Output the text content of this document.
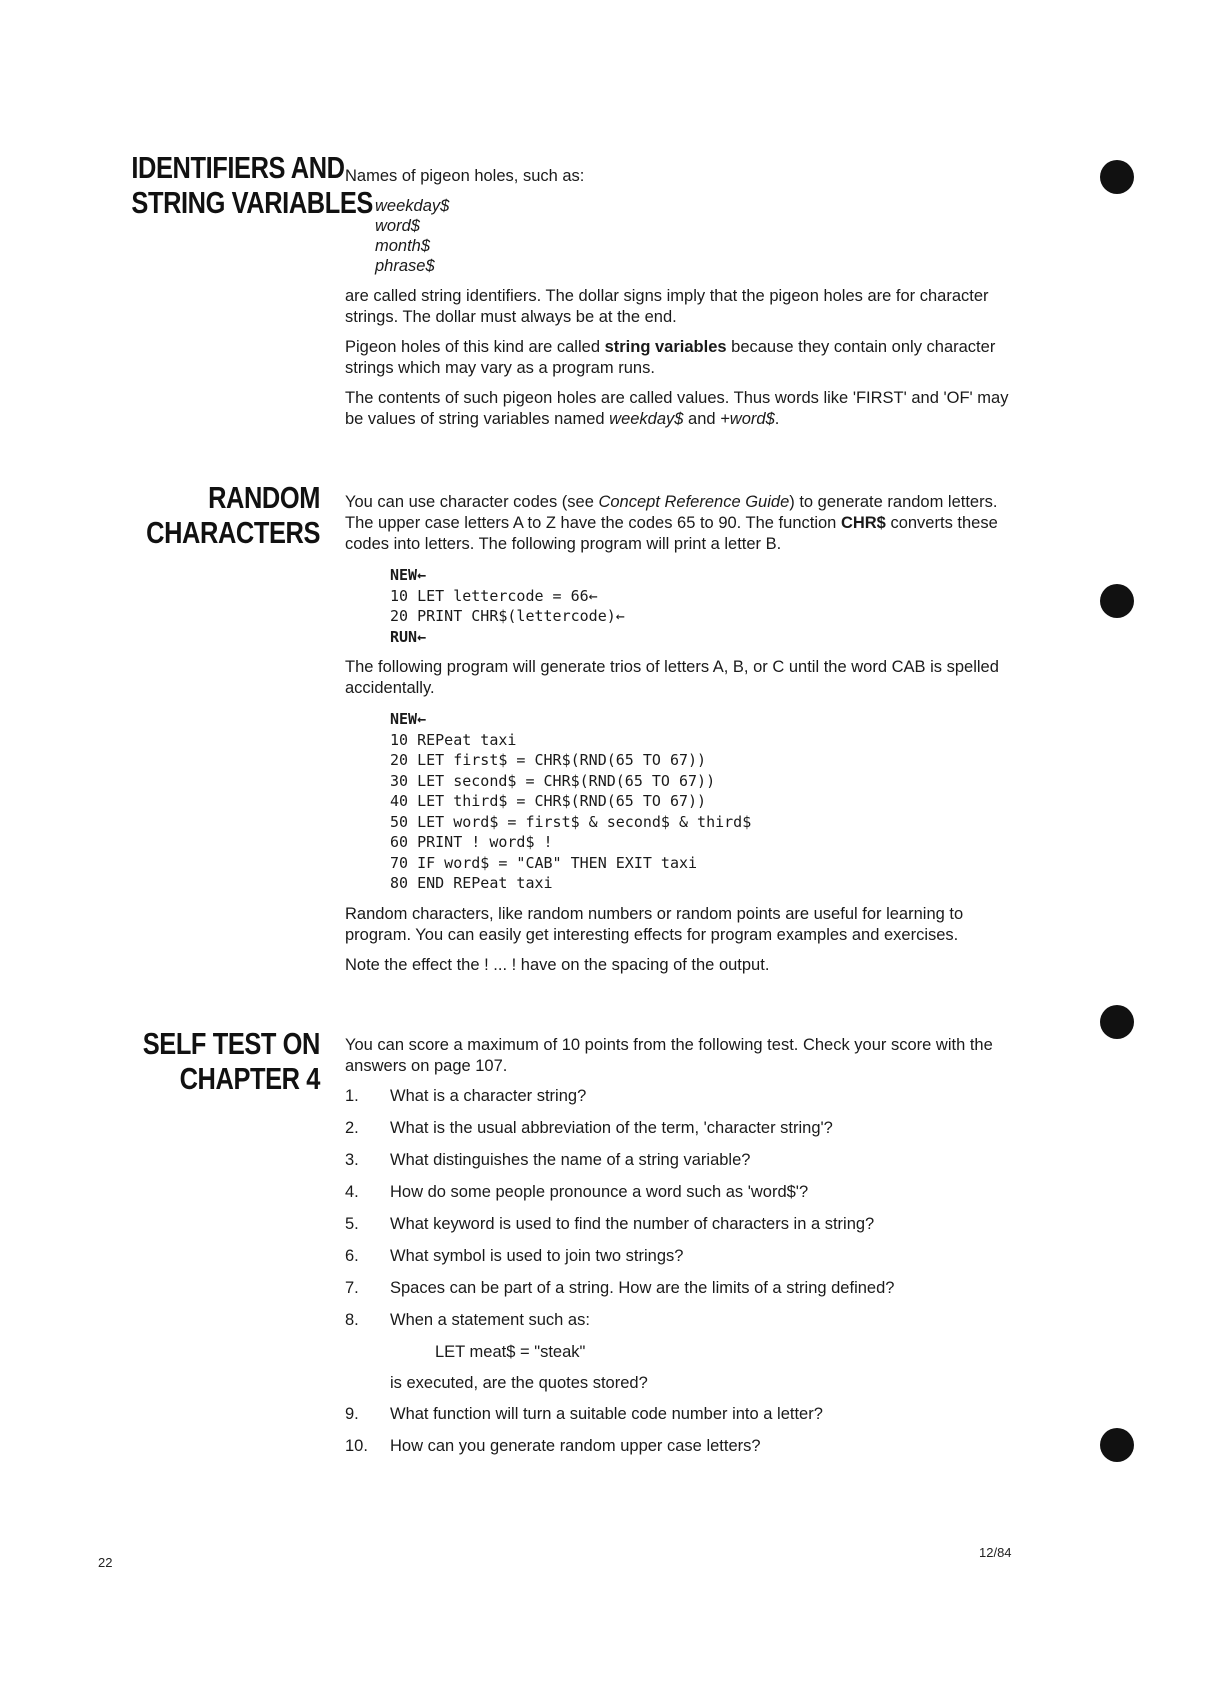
IDENTIFIERS AND
STRING VARIABLES

Names of pigeon holes, such as:

weekday$
word$
month$
phrase$

are called string identifiers. The dollar signs imply that the pigeon holes are for character strings. The dollar must always be at the end.

Pigeon holes of this kind are called string variables because they contain only character strings which may vary as a program runs.

The contents of such pigeon holes are called values. Thus words like 'FIRST' and 'OF' may be values of string variables named weekday$ and +word$.

RANDOM
CHARACTERS

You can use character codes (see Concept Reference Guide) to generate random letters. The upper case letters A to Z have the codes 65 to 90. The function CHR$ converts these codes into letters. The following program will print a letter B.

NEW←
10 LET lettercode = 66←
20 PRINT CHR$(lettercode)←
RUN←

The following program will generate trios of letters A, B, or C until the word CAB is spelled accidentally.

NEW←
10 REPeat taxi
20 LET first$ = CHR$(RND(65 TO 67))
30 LET second$ = CHR$(RND(65 TO 67))
40 LET third$ = CHR$(RND(65 TO 67))
50 LET word$ = first$ & second$ & third$
60 PRINT ! word$ !
70 IF word$ = "CAB" THEN EXIT taxi
80 END REPeat taxi

Random characters, like random numbers or random points are useful for learning to program. You can easily get interesting effects for program examples and exercises.

Note the effect the ! ... ! have on the spacing of the output.

SELF TEST ON
CHAPTER 4

You can score a maximum of 10 points from the following test. Check your score with the answers on page 107.

1. What is a character string?
2. What is the usual abbreviation of the term, 'character string'?
3. What distinguishes the name of a string variable?
4. How do some people pronounce a word such as 'word$'?
5. What keyword is used to find the number of characters in a string?
6. What symbol is used to join two strings?
7. Spaces can be part of a string. How are the limits of a string defined?
8. When a statement such as:

LET meat$ = "steak"

is executed, are the quotes stored?

9. What function will turn a suitable code number into a letter?
10. How can you generate random upper case letters?
22
12/84
